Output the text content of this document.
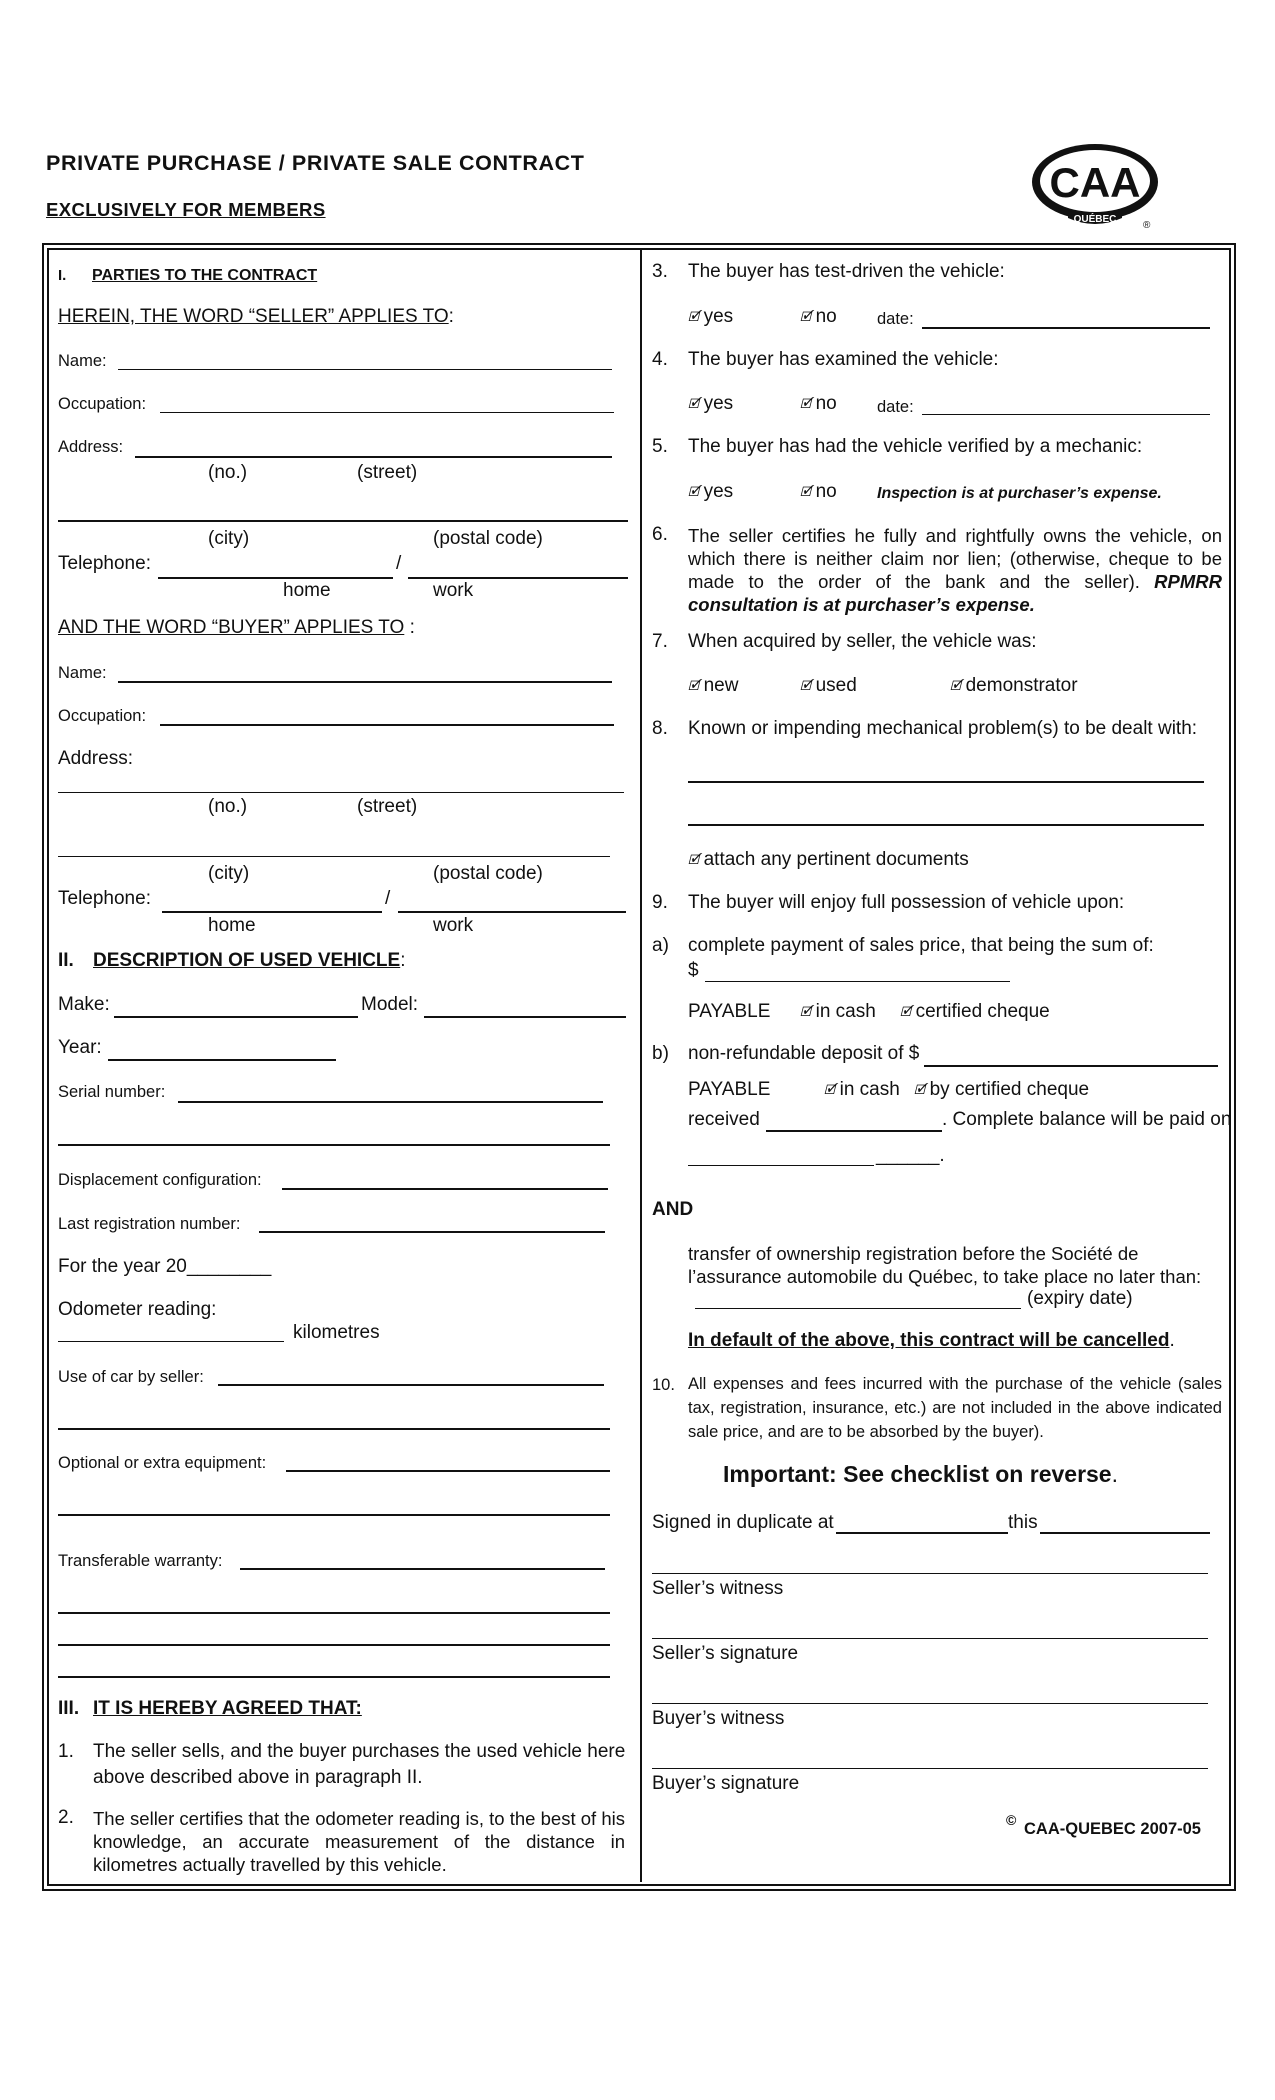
PRIVATE PURCHASE / PRIVATE SALE CONTRACT
EXCLUSIVELY FOR MEMBERS
CAA
QUÉBEC
®
I. PARTIES TO THE CONTRACT
HEREIN, THE WORD “SELLER” APPLIES TO:
Name:
Occupation:
Address:
(no.)	(street)
(city)	(postal code)
Telephone:	/
home	work
AND THE WORD “BUYER” APPLIES TO :
Name:
Occupation:
Address:
(no.)	(street)
(city)	(postal code)
Telephone:	/
home	work
II. DESCRIPTION OF USED VEHICLE:
Make:	Model:
Year:
Serial number:
Displacement configuration:
Last registration number:
For the year 20________
Odometer reading:
kilometres
Use of car by seller:
Optional or extra equipment:
Transferable warranty:
III. IT IS HEREBY AGREED THAT:
1. The seller sells, and the buyer purchases the used vehicle here
above described above in paragraph II.
2. The seller certifies that the odometer reading is, to the best of his knowledge, an accurate measurement of the distance in kilometres actually travelled by this vehicle.
3. The buyer has test-driven the vehicle:
🗹 yes	🗹 no date:
4. The buyer has examined the vehicle:
🗹 yes	🗹 no date:
5. The buyer has had the vehicle verified by a mechanic:
🗹 yes	🗹 no	Inspection is at purchaser’s expense.
6. The seller certifies he fully and rightfully owns the vehicle, on which there is neither claim nor lien; (otherwise, cheque to be made to the order of the bank and the seller). RPMRR consultation is at purchaser’s expense.
7. When acquired by seller, the vehicle was:
🗹 new	🗹 used	🗹 demonstrator
8. Known or impending mechanical problem(s) to be dealt with:
🗹 attach any pertinent documents
9. The buyer will enjoy full possession of vehicle upon:
a) complete payment of sales price, that being the sum of:
$
PAYABLE 🗹 in cash 🗹 certified cheque
b) non-refundable deposit of $
PAYABLE	🗹 in cash 🗹 by certified cheque
received	. Complete balance will be paid on
______.
AND
transfer of ownership registration before the Société de l’assurance automobile du Québec, to take place no later than:
(expiry date)
In default of the above, this contract will be cancelled.
10. All expenses and fees incurred with the purchase of the vehicle (sales tax, registration, insurance, etc.) are not included in the above indicated sale price, and are to be absorbed by the buyer).
Important: See checklist on reverse.
Signed in duplicate at	this
Seller’s witness
Seller’s signature
Buyer’s witness
Buyer’s signature
© CAA-QUEBEC 2007-05
